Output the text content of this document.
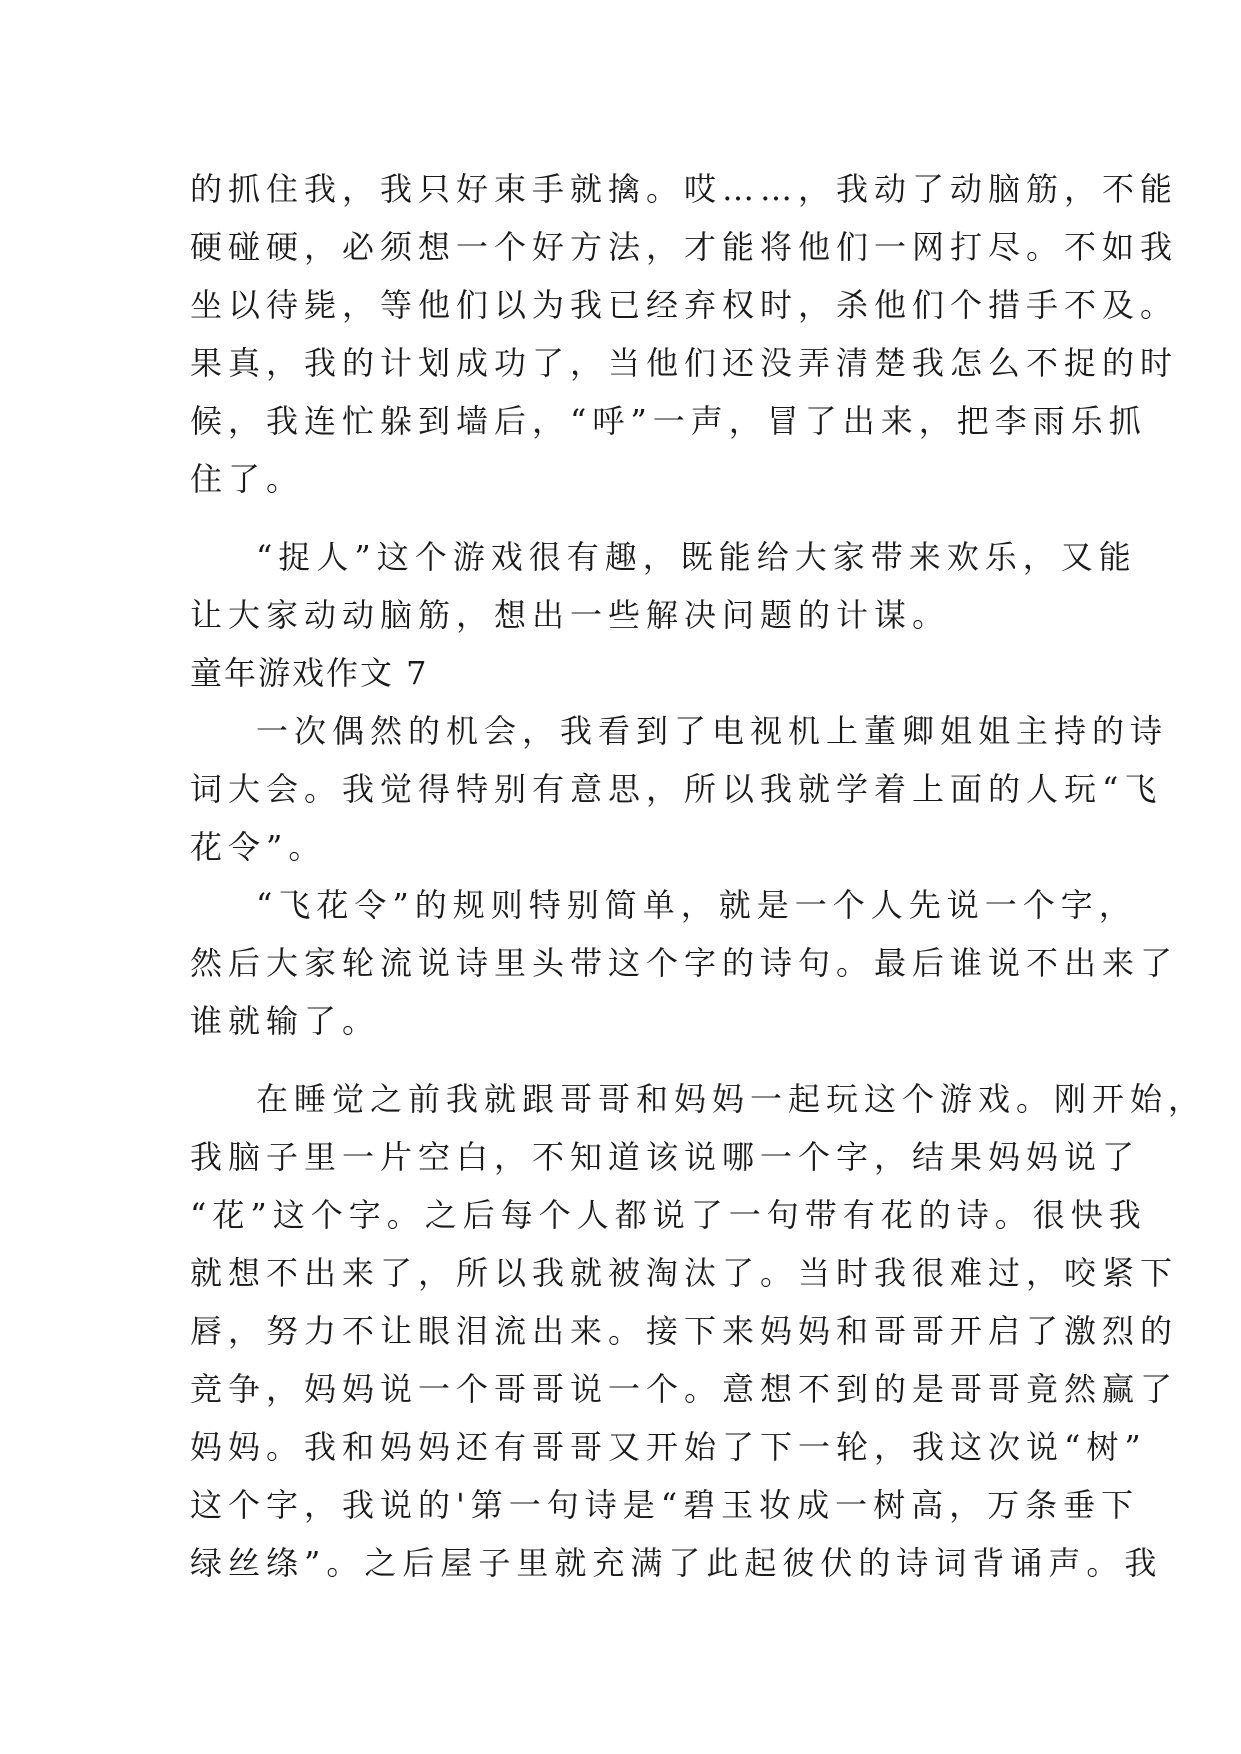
的抓住我，我只好束手就擒。哎……，我动了动脑筋，不能
硬碰硬，必须想一个好方法，才能将他们一网打尽。不如我
坐以待毙，等他们以为我已经弃权时，杀他们个措手不及。
果真，我的计划成功了，当他们还没弄清楚我怎么不捉的时
候，我连忙躲到墙后，“呼”一声，冒了出来，把李雨乐抓
住了。
“捉人”这个游戏很有趣，既能给大家带来欢乐，又能
让大家动动脑筋，想出一些解决问题的计谋。
童年游戏作文 7
一次偶然的机会，我看到了电视机上董卿姐姐主持的诗
词大会。我觉得特别有意思，所以我就学着上面的人玩“飞
花令”。
“飞花令”的规则特别简单，就是一个人先说一个字，
然后大家轮流说诗里头带这个字的诗句。最后谁说不出来了
谁就输了。
在睡觉之前我就跟哥哥和妈妈一起玩这个游戏。刚开始，
我脑子里一片空白，不知道该说哪一个字，结果妈妈说了
“花”这个字。之后每个人都说了一句带有花的诗。很快我
就想不出来了，所以我就被淘汰了。当时我很难过，咬紧下
唇，努力不让眼泪流出来。接下来妈妈和哥哥开启了激烈的
竞争，妈妈说一个哥哥说一个。意想不到的是哥哥竟然赢了
妈妈。我和妈妈还有哥哥又开始了下一轮，我这次说“树”
这个字，我说的'第一句诗是“碧玉妆成一树高，万条垂下
绿丝绦”。之后屋子里就充满了此起彼伏的诗词背诵声。我
